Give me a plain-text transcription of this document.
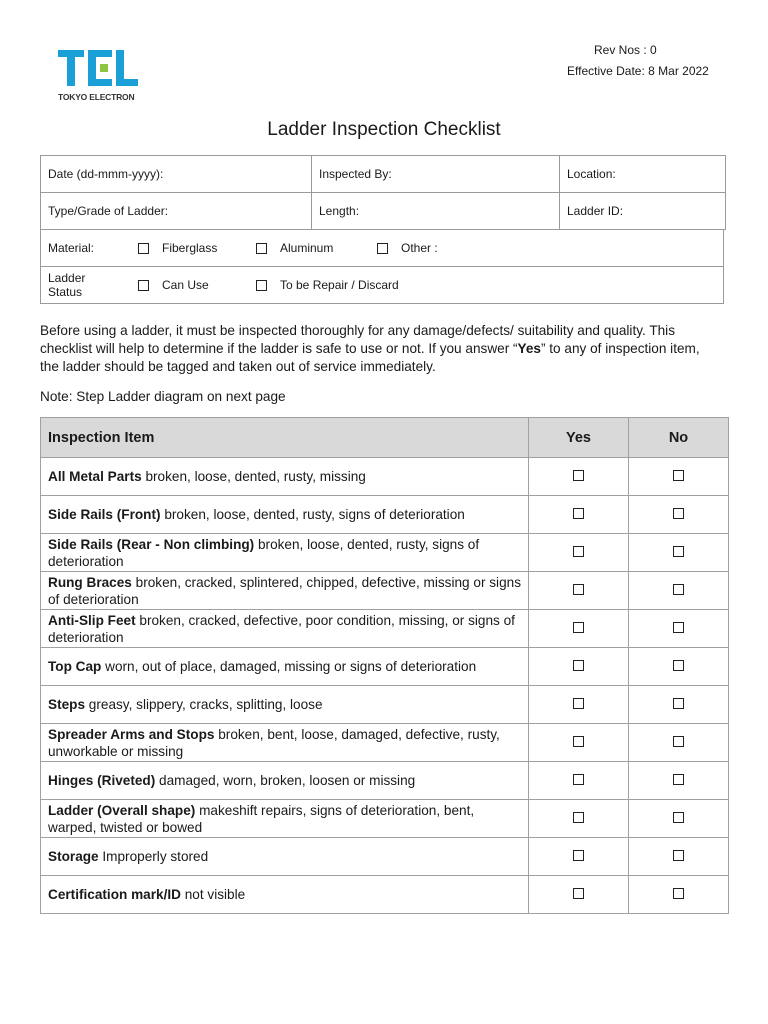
TOKYO ELECTRON
Rev Nos : 0
Effective Date: 8 Mar 2022
Ladder Inspection Checklist
Date (dd-mmm-yyyy):	Inspected By:	Location:
Type/Grade of Ladder:	Length:	Ladder ID:
Material:	Fiberglass	Aluminum	Other :
Ladder
Status	Can Use	To be Repair / Discard
Before using a ladder, it must be inspected thoroughly for any damage/defects/ suitability and quality. This checklist will help to determine if the ladder is safe to use or not. If you answer “Yes” to any of inspection item, the ladder should be tagged and taken out of service immediately.
Note: Step Ladder diagram on next page
Inspection Item	Yes	No
All Metal Parts broken, loose, dented, rusty, missing		
Side Rails (Front) broken, loose, dented, rusty, signs of deterioration		
Side Rails (Rear - Non climbing) broken, loose, dented, rusty, signs of deterioration		
Rung Braces broken, cracked, splintered, chipped, defective, missing or signs of deterioration		
Anti-Slip Feet broken, cracked, defective, poor condition, missing, or signs of deterioration		
Top Cap worn, out of place, damaged, missing or signs of deterioration		
Steps greasy, slippery, cracks, splitting, loose		
Spreader Arms and Stops broken, bent, loose, damaged, defective, rusty, unworkable or missing		
Hinges (Riveted) damaged, worn, broken, loosen or missing		
Ladder (Overall shape) makeshift repairs, signs of deterioration, bent, warped, twisted or bowed		
Storage Improperly stored		
Certification mark/ID not visible		
